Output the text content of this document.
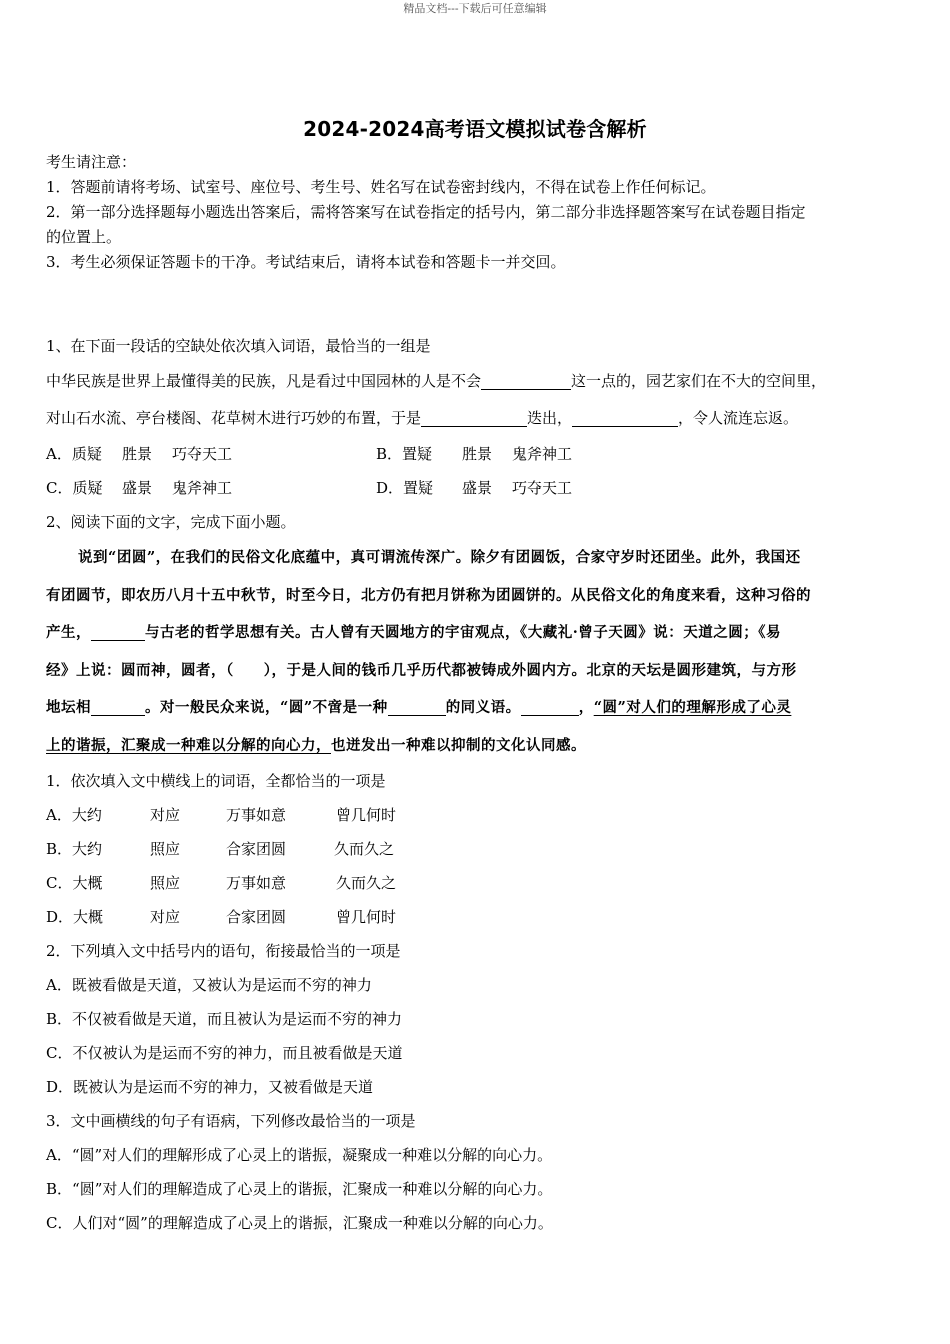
精品文档---下载后可任意编辑
2024-2024高考语文模拟试卷含解析

考生请注意：

1．答题前请将考场、试室号、座位号、考生号、姓名写在试卷密封线内，不得在试卷上作任何标记。

2．第一部分选择题每小题选出答案后，需将答案写在试卷指定的括号内，第二部分非选择题答案写在试卷题目指定

的位置上。

3．考生必须保证答题卡的干净。考试结束后，请将本试卷和答题卡一并交回。

1、在下面一段话的空缺处依次填入词语，最恰当的一组是
中华民族是世界上最懂得美的民族，凡是看过中国园林的人是不会	这一点的，园艺家们在不大的空间里，
对山石水流、亭台楼阁、花草树木进行巧妙的布置，于是	迭出，	，令人流连忘返。
A．质疑 胜景 巧夺天工	B．置疑 胜景 鬼斧神工
C．质疑 盛景 鬼斧神工	D．置疑 盛景 巧夺天工
2、阅读下面的文字，完成下面小题。
说到“团圆”，在我们的民俗文化底蕴中，真可谓流传深广。除夕有团圆饭，合家守岁时还团坐。此外，我国还
有团圆节，即农历八月十五中秋节，时至今日，北方仍有把月饼称为团圆饼的。从民俗文化的角度来看，这种习俗的
产生，	与古老的哲学思想有关。古人曾有天圆地方的宇宙观点，《大藏礼·曾子天圆》说：天道之圆；《易
经》上说：圆而神，圆者，（　　），于是人间的钱币几乎历代都被铸成外圆内方。北京的天坛是圆形建筑，与方形
地坛相	。对一般民众来说，“圆”不啻是一种	的同义语。	，“圆”对人们的理解形成了心灵
上的谐振，汇聚成一种难以分解的向心力，也迸发出一种难以抑制的文化认同感。
1．依次填入文中横线上的词语，全都恰当的一项是
A．大约	对应	万事如意	曾几何时
B．大约	照应	合家团圆	久而久之
C．大概	照应	万事如意	久而久之
D．大概	对应	合家团圆	曾几何时
2．下列填入文中括号内的语句，衔接最恰当的一项是
A．既被看做是天道，又被认为是运而不穷的神力
B．不仅被看做是天道，而且被认为是运而不穷的神力
C．不仅被认为是运而不穷的神力，而且被看做是天道
D．既被认为是运而不穷的神力，又被看做是天道
3．文中画横线的句子有语病，下列修改最恰当的一项是
A．“圆”对人们的理解形成了心灵上的谐振，凝聚成一种难以分解的向心力。
B．“圆”对人们的理解造成了心灵上的谐振，汇聚成一种难以分解的向心力。
C．人们对“圆”的理解造成了心灵上的谐振，汇聚成一种难以分解的向心力。
